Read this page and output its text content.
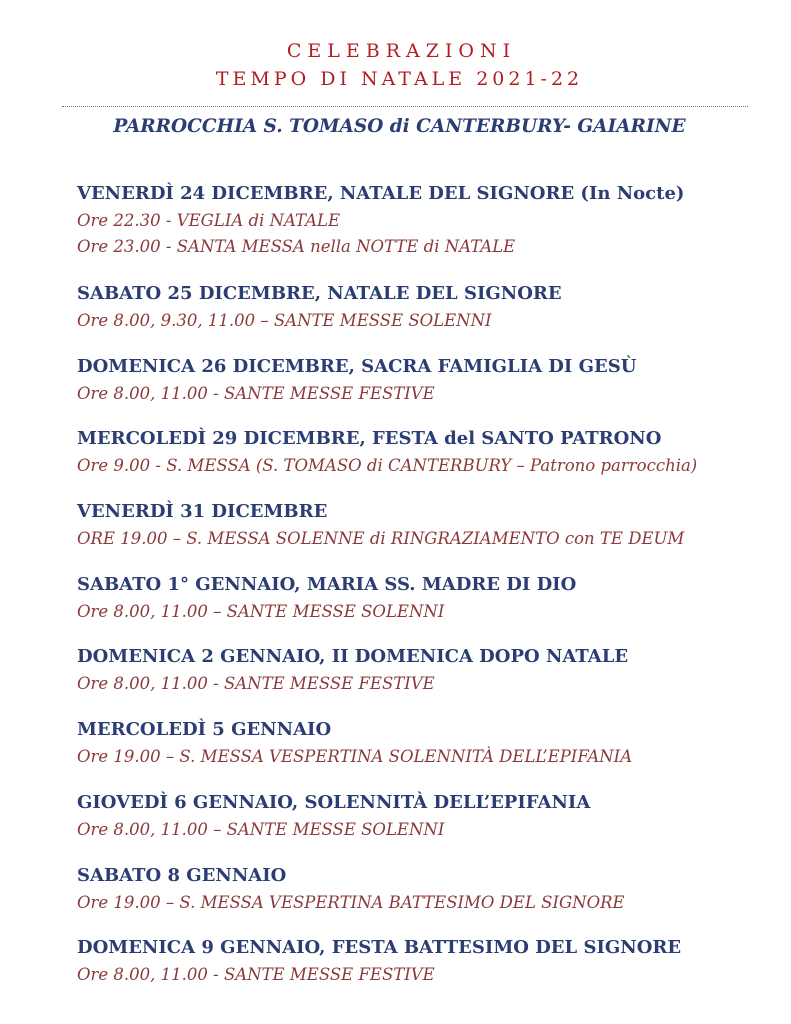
CELEBRAZIONI
TEMPO DI NATALE 2021-22
PARROCCHIA S. TOMASO di CANTERBURY- GAIARINE
VENERDÌ 24 DICEMBRE, NATALE DEL SIGNORE (In Nocte)
Ore 22.30 - VEGLIA di NATALE
Ore 23.00 - SANTA MESSA nella NOTTE di NATALE
SABATO 25 DICEMBRE, NATALE DEL SIGNORE
Ore 8.00, 9.30, 11.00 – SANTE MESSE SOLENNI
DOMENICA 26 DICEMBRE, SACRA FAMIGLIA DI GESÙ
Ore 8.00, 11.00 - SANTE MESSE FESTIVE
MERCOLEDÌ 29 DICEMBRE, FESTA del SANTO PATRONO
Ore 9.00 - S. MESSA (S. TOMASO di CANTERBURY – Patrono parrocchia)
VENERDÌ 31 DICEMBRE
ORE 19.00 – S. MESSA SOLENNE di RINGRAZIAMENTO con TE DEUM
SABATO 1° GENNAIO, MARIA SS. MADRE DI DIO
Ore 8.00, 11.00 – SANTE MESSE SOLENNI
DOMENICA 2 GENNAIO, II DOMENICA DOPO NATALE
Ore 8.00, 11.00 - SANTE MESSE FESTIVE
MERCOLEDÌ 5 GENNAIO
Ore 19.00 – S. MESSA VESPERTINA SOLENNITÀ DELL’EPIFANIA
GIOVEDÌ 6 GENNAIO, SOLENNITÀ DELL’EPIFANIA
Ore 8.00, 11.00 – SANTE MESSE SOLENNI
SABATO 8 GENNAIO
Ore 19.00 – S. MESSA VESPERTINA BATTESIMO DEL SIGNORE
DOMENICA 9 GENNAIO, FESTA BATTESIMO DEL SIGNORE
Ore 8.00, 11.00 - SANTE MESSE FESTIVE
